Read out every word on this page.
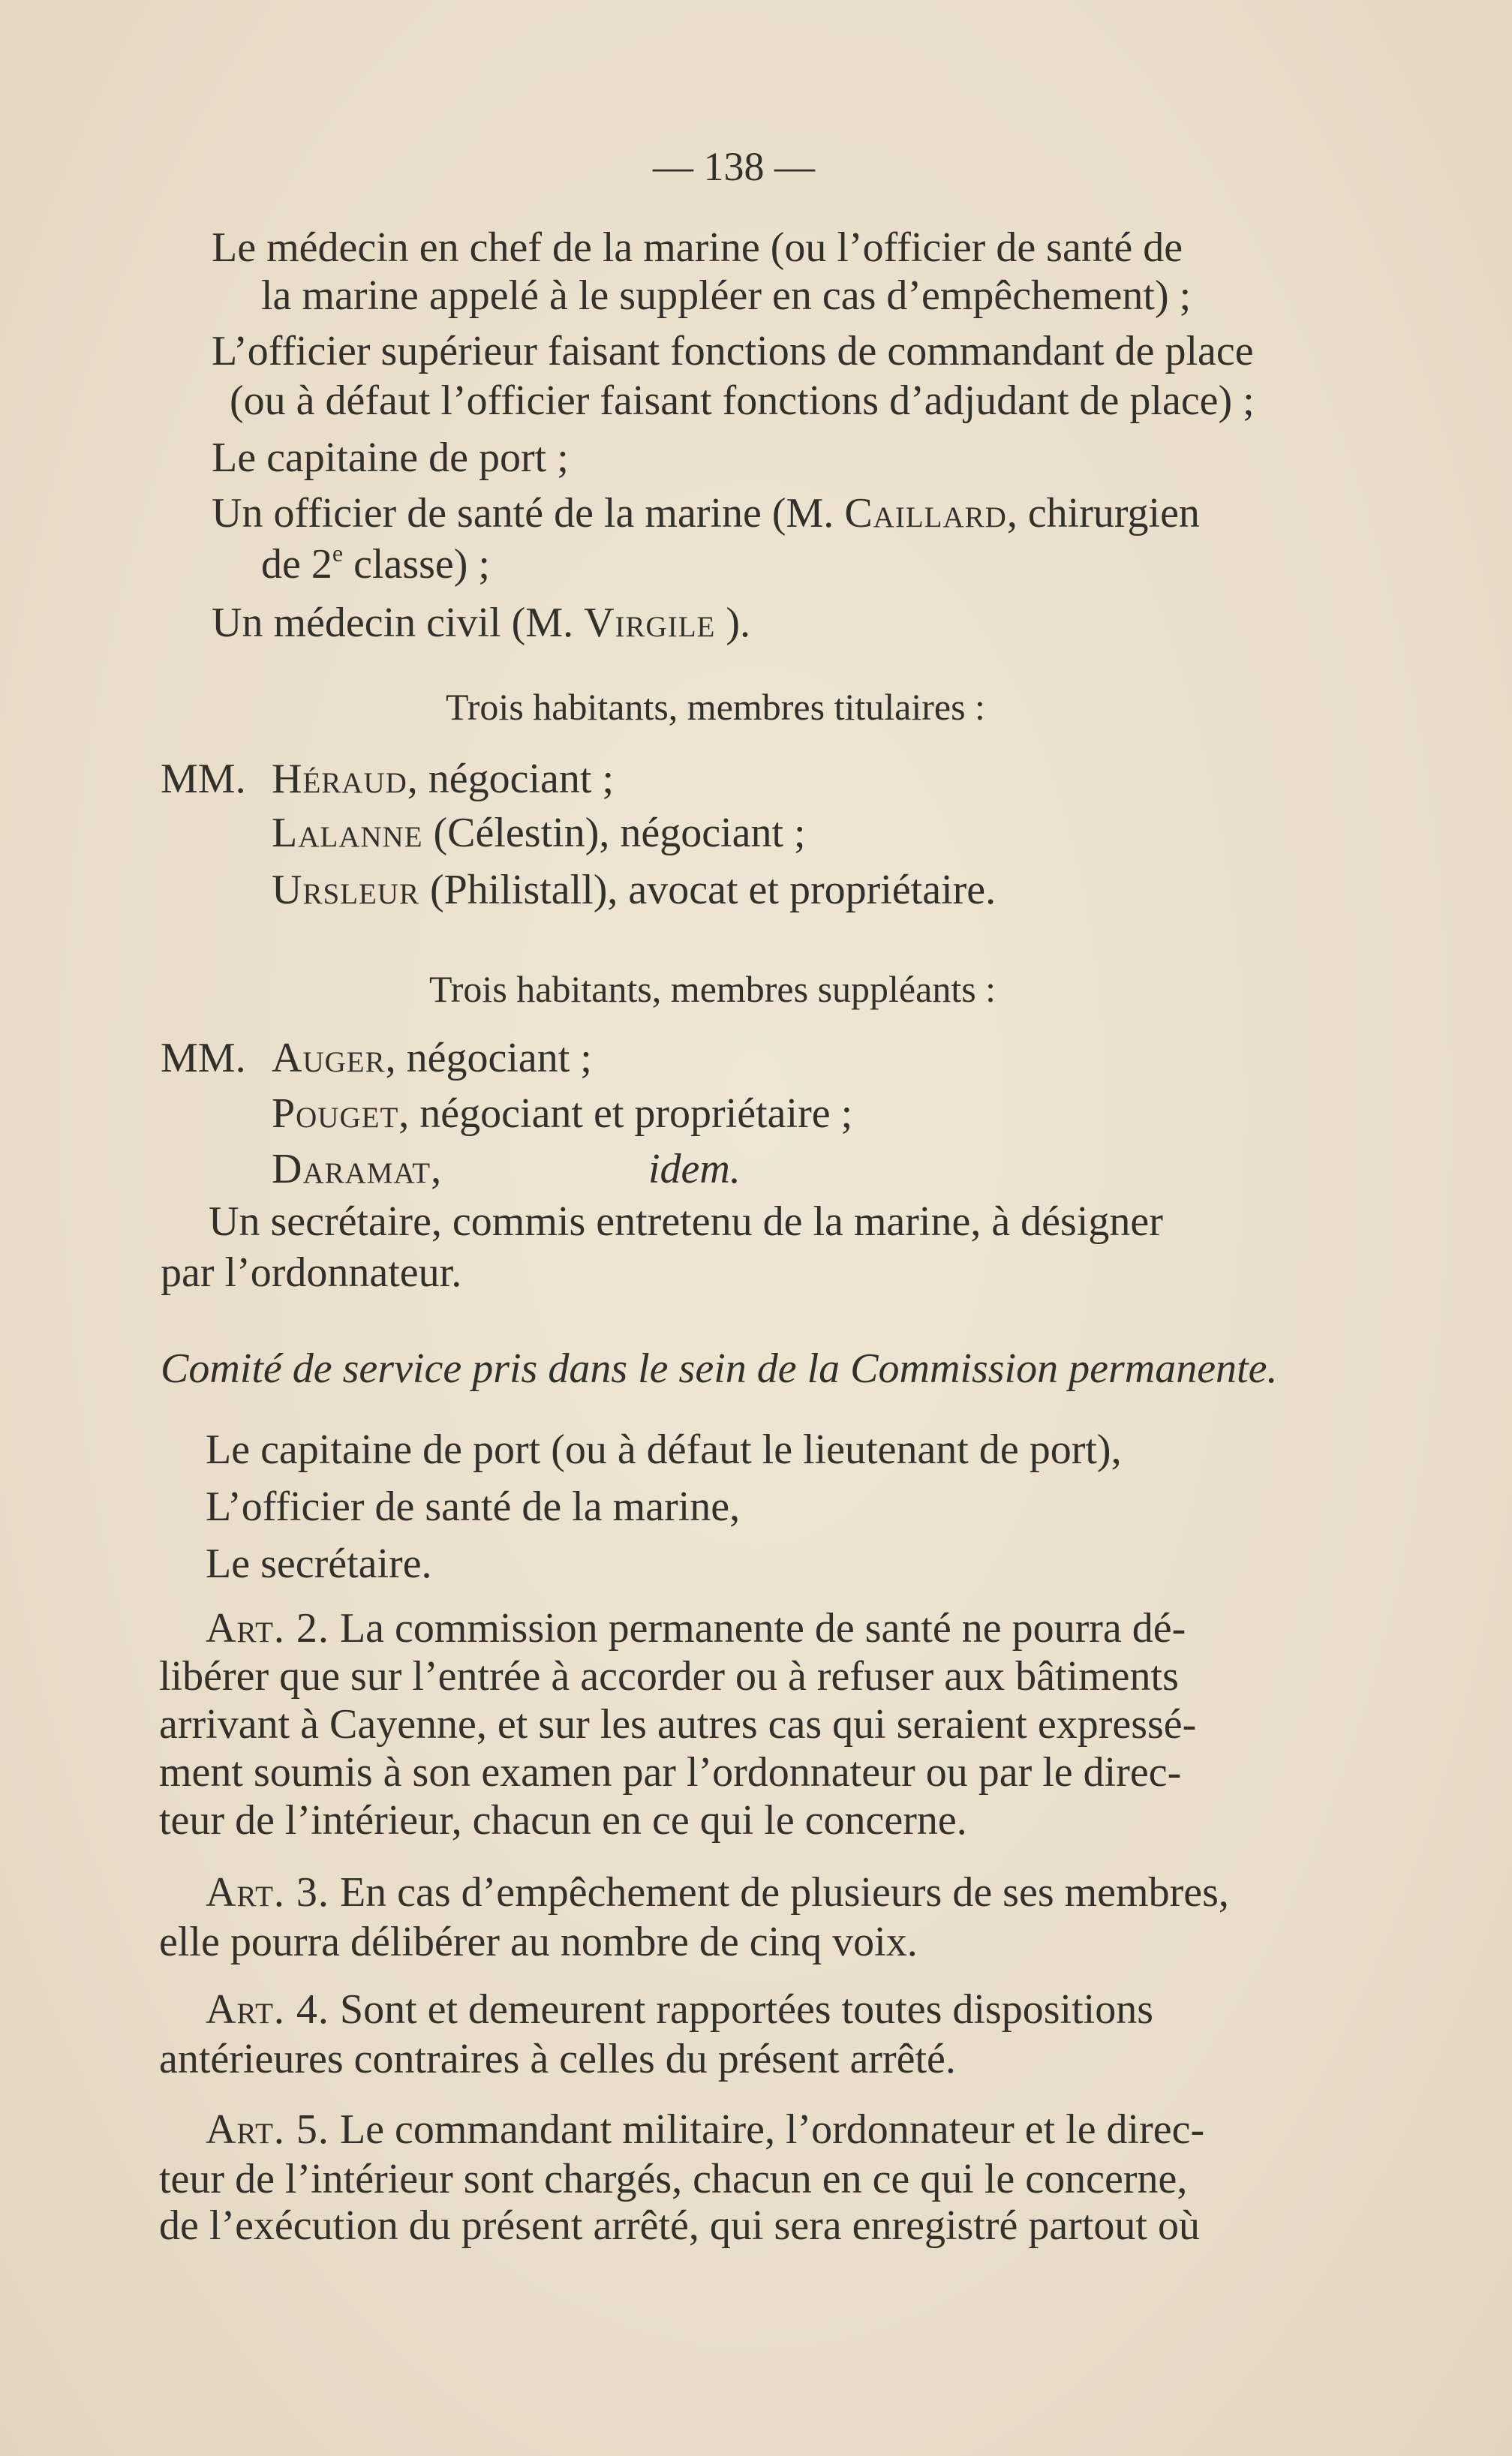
— 138 —
Le médecin en chef de la marine (ou l’officier de santé de
la marine appelé à le suppléer en cas d’empêchement) ;
L’officier supérieur faisant fonctions de commandant de place
(ou à défaut l’officier faisant fonctions d’adjudant de place) ;
Le capitaine de port ;
Un officier de santé de la marine (M. Caillard, chirurgien
de 2e classe) ;
Un médecin civil (M. Virgile ).
Trois habitants, membres titulaires :
MM. Héraud, négociant ;
Lalanne (Célestin), négociant ;
Ursleur (Philistall), avocat et propriétaire.
Trois habitants, membres suppléants :
MM. Auger, négociant ;
Pouget, négociant et propriétaire ;
Daramat,	idem.
Un secrétaire, commis entretenu de la marine, à désigner
par l’ordonnateur.
Comité de service pris dans le sein de la Commission permanente.
Le capitaine de port (ou à défaut le lieutenant de port),
L’officier de santé de la marine,
Le secrétaire.
Art. 2. La commission permanente de santé ne pourra dé-
libérer que sur l’entrée à accorder ou à refuser aux bâtiments
arrivant à Cayenne, et sur les autres cas qui seraient expressé-
ment soumis à son examen par l’ordonnateur ou par le direc-
teur de l’intérieur, chacun en ce qui le concerne.
Art. 3. En cas d’empêchement de plusieurs de ses membres,
elle pourra délibérer au nombre de cinq voix.
Art. 4. Sont et demeurent rapportées toutes dispositions
antérieures contraires à celles du présent arrêté.
Art. 5. Le commandant militaire, l’ordonnateur et le direc-
teur de l’intérieur sont chargés, chacun en ce qui le concerne,
de l’exécution du présent arrêté, qui sera enregistré partout où
